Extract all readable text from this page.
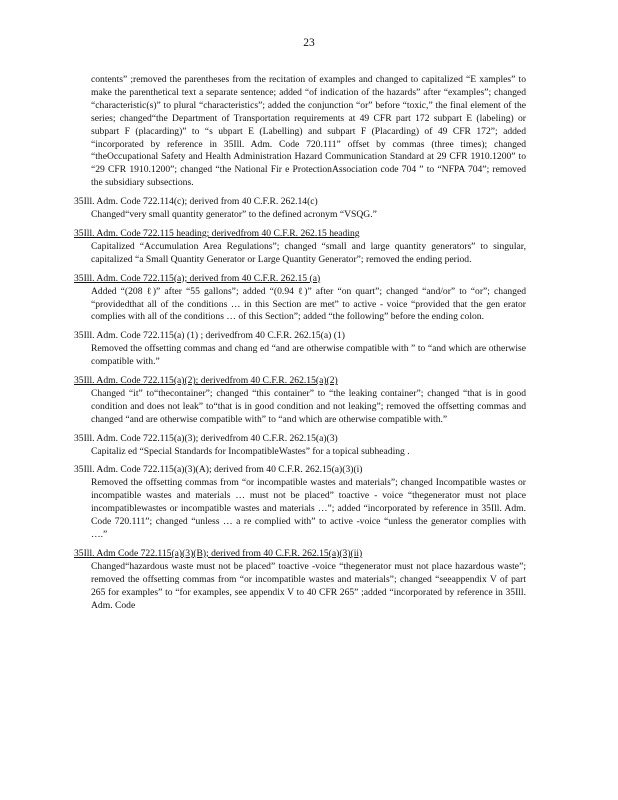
23
contents” ;removed the parentheses from the recitation of examples and changed to capitalized “E xamples” to make the parenthetical text a separate sentence; added “of indication of the hazards” after “examples”; changed “characteristic(s)” to plural “characteristics”; added the conjunction “or” before “toxic,” the final element of the series; changed“the Department of Transportation requirements at 49 CFR part 172 subpart E (labeling) or subpart F (placarding)” to “s ubpart E (Labelling) and subpart F (Placarding) of 49 CFR 172”; added “incorporated by reference in 35Ill. Adm. Code 720.111” offset by commas (three times); changed “theOccupational Safety and Health Administration Hazard Communication Standard at 29 CFR 1910.1200” to “29 CFR 1910.1200”; changed “the National Fir e ProtectionAssociation code 704 ” to “NFPA 704”; removed the subsidiary subsections.
35Ill. Adm. Code 722.114(c); derived from 40 C.F.R. 262.14(c)
Changed“very small quantity generator” to the defined acronym “VSQG.”
35Ill. Adm. Code 722.115 heading; derivedfrom 40 C.F.R. 262.15 heading
Capitalized “Accumulation Area Regulations”; changed “small and large quantity generators” to singular, capitalized “a Small Quantity Generator or Large Quantity Generator”; removed the ending period.
35Ill. Adm. Code 722.115(a); derived from 40 C.F.R. 262.15 (a)
Added “(208 ℓ)” after “55 gallons”; added “(0.94 ℓ)” after “on quart”; changed “and/or” to “or”; changed “providedthat all of the conditions … in this Section are met” to active - voice “provided that the gen erator complies with all of the conditions … of this Section”; added “the following” before the ending colon.
35Ill. Adm. Code 722.115(a) (1) ; derivedfrom 40 C.F.R. 262.15(a) (1)
Removed the offsetting commas and chang ed “and are otherwise compatible with ” to “and which are otherwise compatible with.”
35Ill. Adm. Code 722.115(a)(2); derivedfrom 40 C.F.R. 262.15(a)(2)
Changed “it” to“thecontainer”; changed “this container” to “the leaking container”; changed “that is in good condition and does not leak” to“that is in good condition and not leaking”; removed the offsetting commas and changed “and are otherwise compatible with” to “and which are otherwise compatible with.”
35Ill. Adm. Code 722.115(a)(3); derivedfrom 40 C.F.R. 262.15(a)(3)
Capitaliz ed “Special Standards for IncompatibleWastes” for a topical subheading .
35Ill. Adm. Code 722.115(a)(3)(A); derived from 40 C.F.R. 262.15(a)(3)(i)
Removed the offsetting commas from “or incompatible wastes and materials”; changed Incompatible wastes or incompatible wastes and materials … must not be placed” toactive - voice “thegenerator must not place incompatiblewastes or incompatible wastes and materials …”; added “incorporated by reference in 35Ill. Adm. Code 720.111”; changed “unless … a re complied with” to active -voice “unless the generator complies with ….”
35Ill. Adm Code 722.115(a)(3)(B); derived from 40 C.F.R. 262.15(a)(3)(ii)
Changed“hazardous waste must not be placed” toactive -voice “thegenerator must not place hazardous waste”; removed the offsetting commas from “or incompatible wastes and materials”; changed “seeappendix V of part 265 for examples” to “for examples, see appendix V to 40 CFR 265” ;added “incorporated by reference in 35Ill. Adm. Code
